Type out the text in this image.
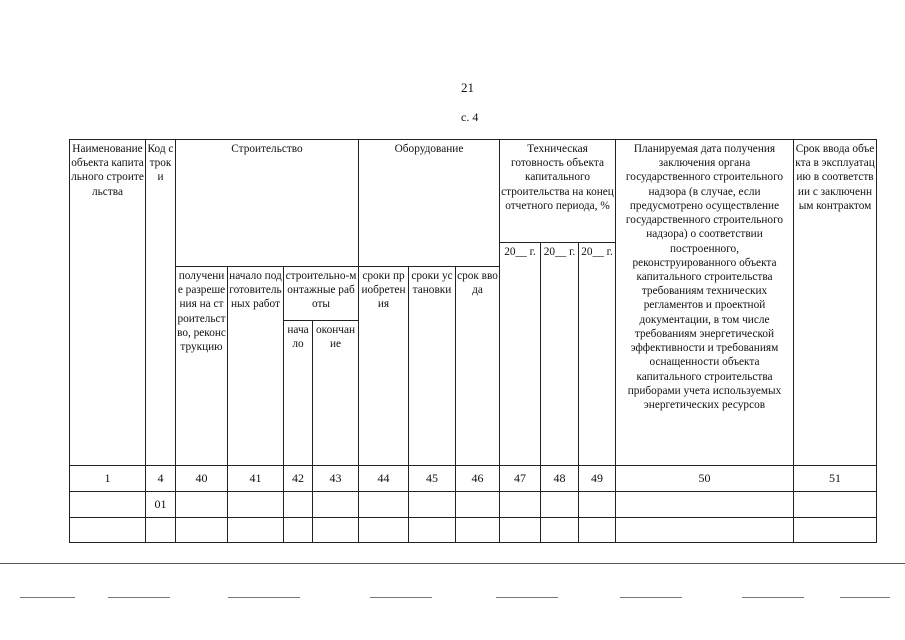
21
с. 4
Наименование объекта капитального строительства	Код строки	Строительство				Оборудование			Техническая готовность объекта капитального строительства на конец отчетного периода, %			Планируемая дата получения заключения органа государственного строительного надзора (в случае, если предусмотрено осуществление государственного строительного надзора) о соответствии построенного, реконструированного объекта капитального строительства требованиям технических регламентов и проектной документации, в том числе требованиям энергетической эффективности и требованиям оснащенности объекта капитального строительства приборами учета используемых энергетических ресурсов	Срок ввода объекта в эксплуатацию в соответствии с заключенным контрактом
									20__ г.	20__ г.	20__ г.		
		получение разрешения на строительство, реконструкцию	начало подготовительных работ	строительно-монтажные работы		сроки приобретения	сроки установки	срок ввода					
				начало	окончание								
1	4	40	41	42	43	44	45	46	47	48	49	50	51
	01												
